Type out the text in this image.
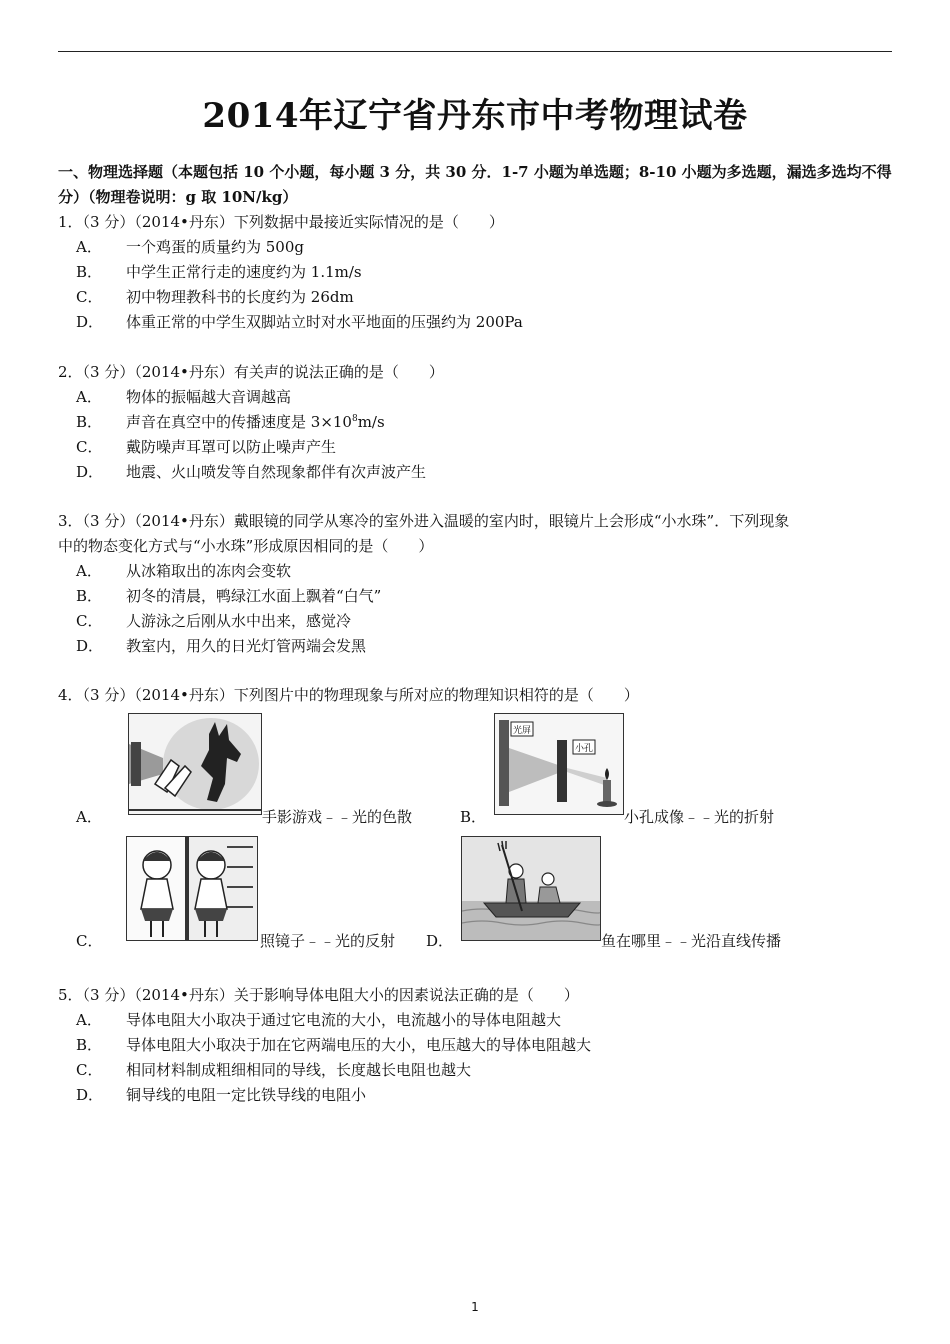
2014年辽宁省丹东市中考物理试卷
一、物理选择题（本题包括 10 个小题，每小题 3 分，共 30 分．1-7 小题为单选题；8-10 小题为多选题，漏选多选均不得分）（物理卷说明：g 取 10N/kg）
1．（3 分）（2014•丹东）下列数据中最接近实际情况的是（　　）
A． 一个鸡蛋的质量约为 500g
B． 中学生正常行走的速度约为 1.1m/s
C． 初中物理教科书的长度约为 26dm
D． 体重正常的中学生双脚站立时对水平地面的压强约为 200Pa
2．（3 分）（2014•丹东）有关声的说法正确的是（　　）
A． 物体的振幅越大音调越高
B． 声音在真空中的传播速度是 $3\times 10^8m/s$
C． 戴防噪声耳罩可以防止噪声产生
D． 地震、火山喷发等自然现象都伴有次声波产生
3．（3 分）（2014•丹东）戴眼镜的同学从寒冷的室外进入温暖的室内时，眼镜片上会形成“小水珠”．下列现象
中的物态变化方式与“小水珠”形成原因相同的是（　　）
A． 从冰箱取出的冻肉会变软
B． 初冬的清晨，鸭绿江水面上飘着“白气”
C． 人游泳之后刚从水中出来，感觉冷
D． 教室内，用久的日光灯管两端会发黑
4．（3 分）（2014•丹东）下列图片中的物理现象与所对应的物理知识相符的是（　　）
A．	手影游戏﹣﹣光的色散	B．
光屏
小孔
小孔成像﹣﹣光的折射
C．	照镜子﹣﹣光的反射 D．	鱼在哪里﹣﹣光沿直线传播
5．（3 分）（2014•丹东）关于影响导体电阻大小的因素说法正确的是（　　）
A． 导体电阻大小取决于通过它电流的大小，电流越小的导体电阻越大
B． 导体电阻大小取决于加在它两端电压的大小，电压越大的导体电阻越大
C． 相同材料制成粗细相同的导线，长度越长电阻也越大
D． 铜导线的电阻一定比铁导线的电阻小
1
